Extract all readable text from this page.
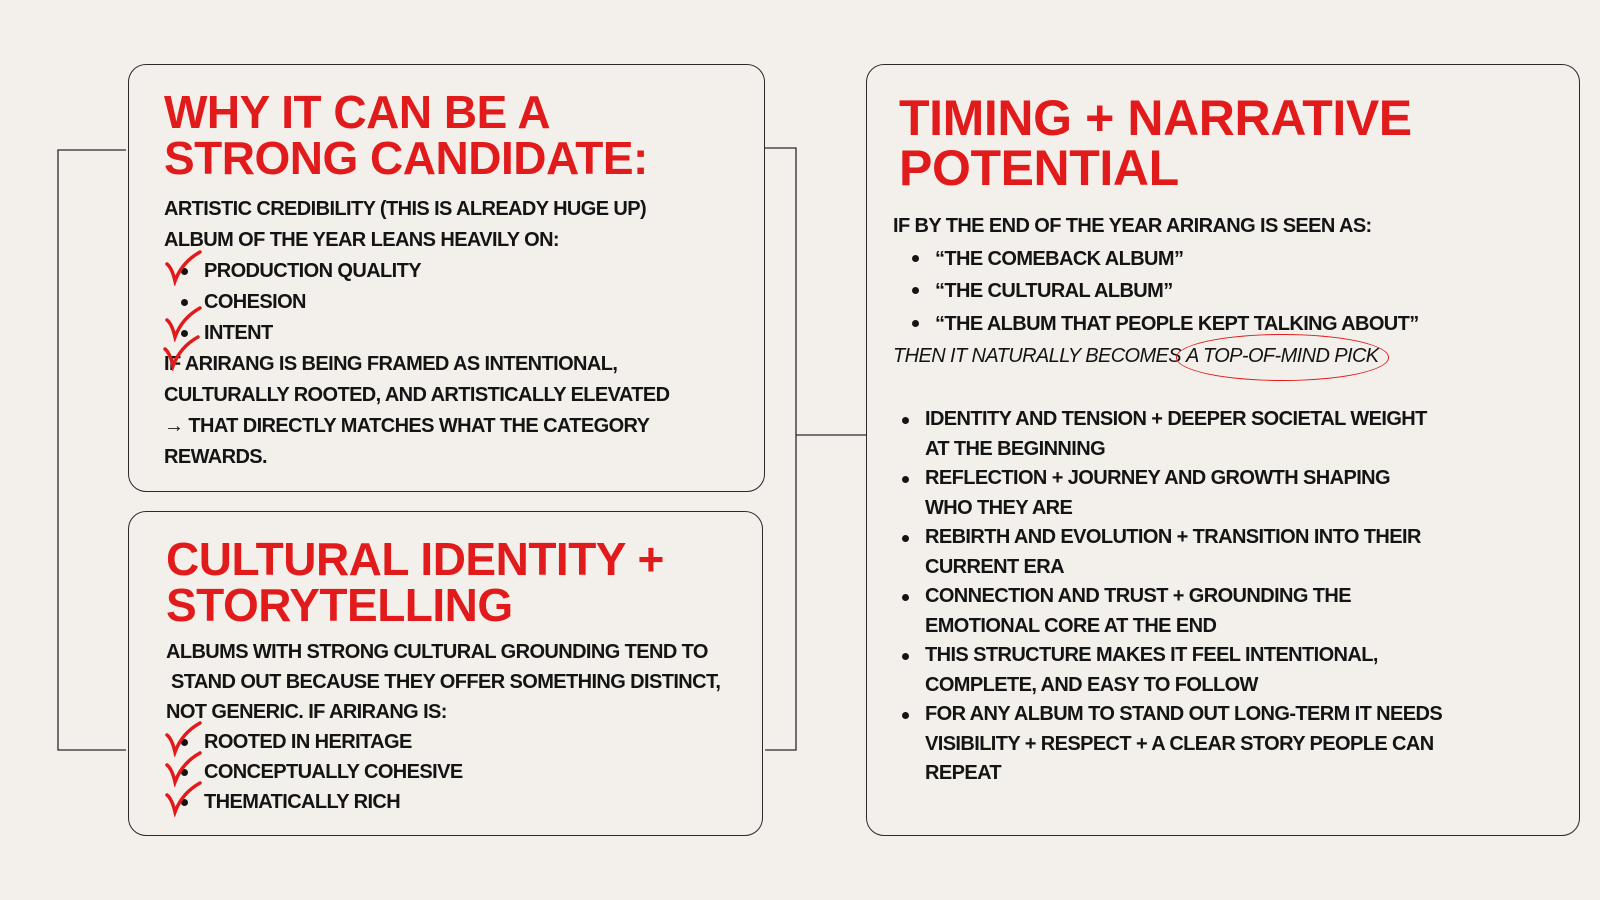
WHY IT CAN BE A
STRONG CANDIDATE:

ARTISTIC CREDIBILITY (THIS IS ALREADY HUGE UP)

ALBUM OF THE YEAR LEANS HEAVILY ON:

PRODUCTION QUALITY
COHESION
INTENT

IF ARIRANG IS BEING FRAMED AS INTENTIONAL,

CULTURALLY ROOTED, AND ARTISTICALLY ELEVATED

→ THAT DIRECTLY MATCHES WHAT THE CATEGORY

REWARDS.

CULTURAL IDENTITY +
STORYTELLING

ALBUMS WITH STRONG CULTURAL GROUNDING TEND TO

STAND OUT BECAUSE THEY OFFER SOMETHING DISTINCT,

NOT GENERIC. IF ARIRANG IS:

ROOTED IN HERITAGE
CONCEPTUALLY COHESIVE
THEMATICALLY RICH
TIMING + NARRATIVE
POTENTIAL

IF BY THE END OF THE YEAR ARIRANG IS SEEN AS:

“THE COMEBACK ALBUM”
“THE CULTURAL ALBUM”
“THE ALBUM THAT PEOPLE KEPT TALKING ABOUT”

THEN IT NATURALLY BECOMES A TOP-OF-MIND PICK

IDENTITY AND TENSION + DEEPER SOCIETAL WEIGHT
AT THE BEGINNING
REFLECTION + JOURNEY AND GROWTH SHAPING
WHO THEY ARE
REBIRTH AND EVOLUTION + TRANSITION INTO THEIR
CURRENT ERA
CONNECTION AND TRUST + GROUNDING THE
EMOTIONAL CORE AT THE END
THIS STRUCTURE MAKES IT FEEL INTENTIONAL,
COMPLETE, AND EASY TO FOLLOW
FOR ANY ALBUM TO STAND OUT LONG-TERM IT NEEDS
VISIBILITY + RESPECT + A CLEAR STORY PEOPLE CAN
REPEAT
